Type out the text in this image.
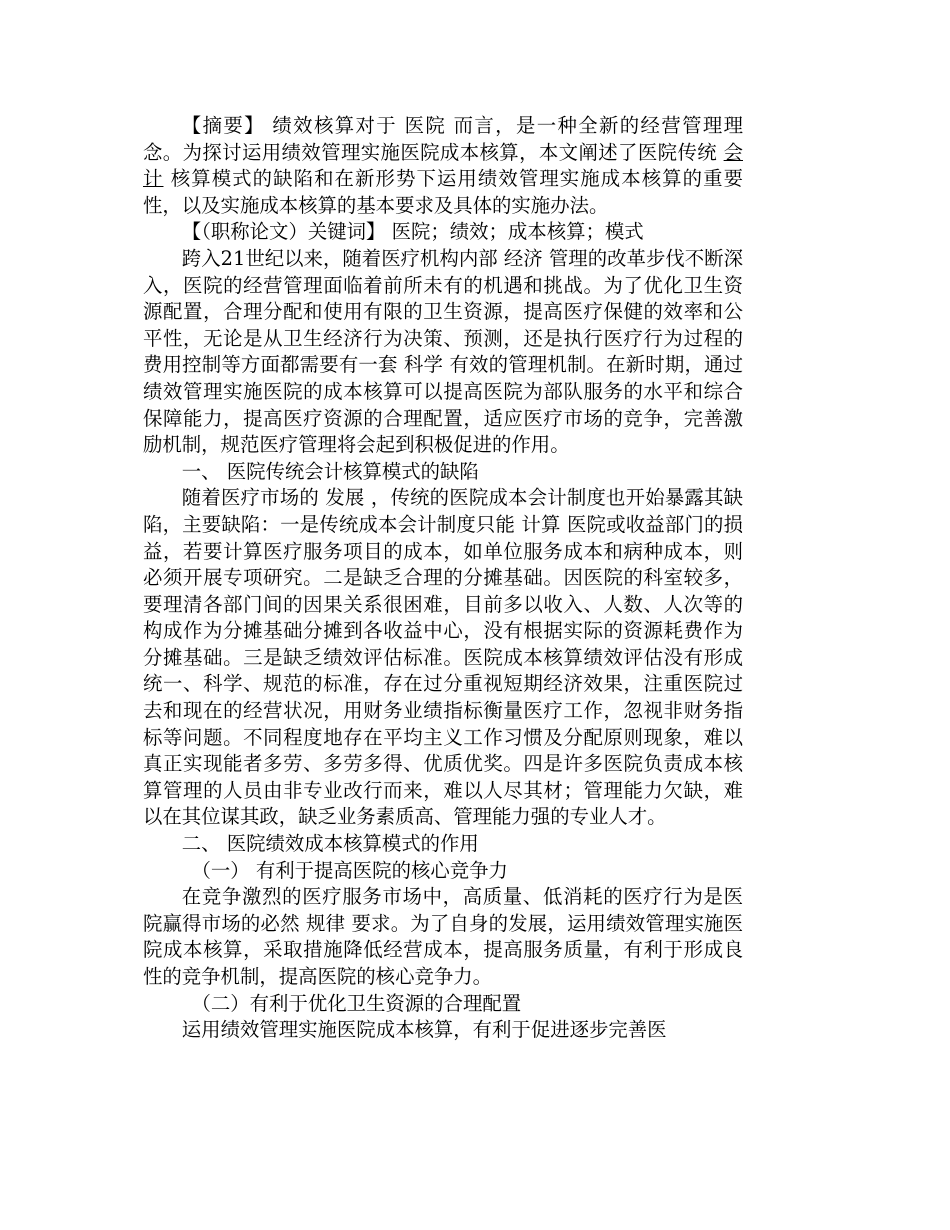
【摘要】 绩效核算对于 医院 而言，是一种全新的经营管理理念。为探讨运用绩效管理实施医院成本核算，本文阐述了医院传统 会计 核算模式的缺陷和在新形势下运用绩效管理实施成本核算的重要性，以及实施成本核算的基本要求及具体的实施办法。

【（职称论文）关键词】 医院；绩效；成本核算；模式

跨入21世纪以来，随着医疗机构内部 经济 管理的改革步伐不断深入，医院的经营管理面临着前所未有的机遇和挑战。为了优化卫生资源配置，合理分配和使用有限的卫生资源，提高医疗保健的效率和公平性，无论是从卫生经济行为决策、预测，还是执行医疗行为过程的费用控制等方面都需要有一套 科学 有效的管理机制。在新时期，通过绩效管理实施医院的成本核算可以提高医院为部队服务的水平和综合保障能力，提高医疗资源的合理配置，适应医疗市场的竞争，完善激励机制，规范医疗管理将会起到积极促进的作用。

一、 医院传统会计核算模式的缺陷

随着医疗市场的 发展 ，传统的医院成本会计制度也开始暴露其缺陷，主要缺陷：一是传统成本会计制度只能 计算 医院或收益部门的损益，若要计算医疗服务项目的成本，如单位服务成本和病种成本，则必须开展专项研究。二是缺乏合理的分摊基础。因医院的科室较多，要理清各部门间的因果关系很困难，目前多以收入、人数、人次等的构成作为分摊基础分摊到各收益中心，没有根据实际的资源耗费作为分摊基础。三是缺乏绩效评估标准。医院成本核算绩效评估没有形成统一、科学、规范的标准，存在过分重视短期经济效果，注重医院过去和现在的经营状况，用财务业绩指标衡量医疗工作，忽视非财务指标等问题。不同程度地存在平均主义工作习惯及分配原则现象，难以真正实现能者多劳、多劳多得、优质优奖。四是许多医院负责成本核算管理的人员由非专业改行而来，难以人尽其材；管理能力欠缺，难以在其位谋其政，缺乏业务素质高、管理能力强的专业人才。

二、 医院绩效成本核算模式的作用

（一） 有利于提高医院的核心竞争力

在竞争激烈的医疗服务市场中，高质量、低消耗的医疗行为是医院赢得市场的必然 规律 要求。为了自身的发展，运用绩效管理实施医院成本核算，采取措施降低经营成本，提高服务质量，有利于形成良性的竞争机制，提高医院的核心竞争力。

（二）有利于优化卫生资源的合理配置

运用绩效管理实施医院成本核算，有利于促进逐步完善医
